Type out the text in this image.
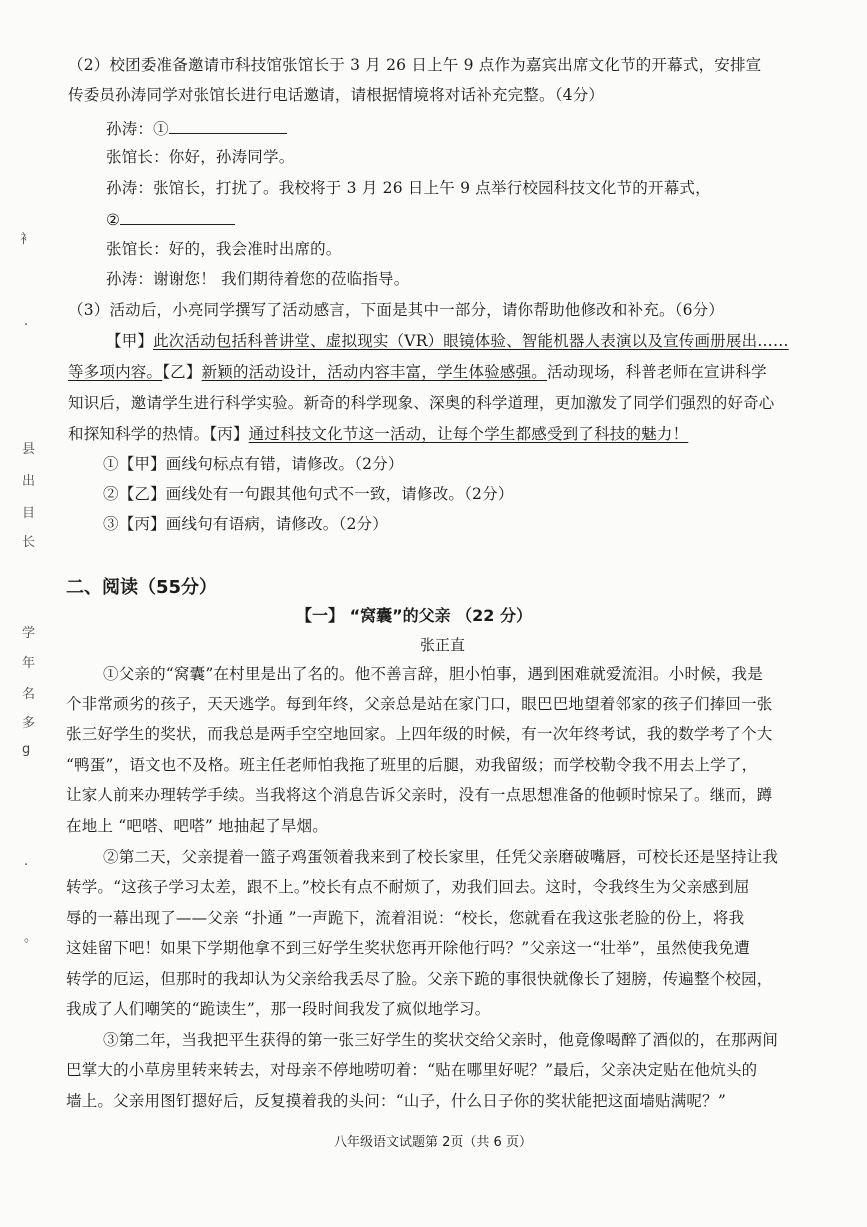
（2）校团委准备邀请市科技馆张馆长于 3 月 26 日上午 9 点作为嘉宾出席文化节的开幕式，安排宣
传委员孙涛同学对张馆长进行电话邀请，请根据情境将对话补充完整。（4分）
孙涛：①
张馆长：你好，孙涛同学。
孙涛：张馆长，打扰了。我校将于 3 月 26 日上午 9 点举行校园科技文化节的开幕式，
②
张馆长：好的，我会准时出席的。
孙涛：谢谢您！ 我们期待着您的莅临指导。
（3）活动后，小亮同学撰写了活动感言，下面是其中一部分，请你帮助他修改和补充。（6分）
【甲】此次活动包括科普讲堂、虚拟现实（VR）眼镜体验、智能机器人表演以及宣传画册展出……
等多项内容。【乙】新颖的活动设计，活动内容丰富，学生体验感强。活动现场，科普老师在宣讲科学
知识后，邀请学生进行科学实验。新奇的科学现象、深奥的科学道理，更加激发了同学们强烈的好奇心
和探知科学的热情。【丙】通过科技文化节这一活动，让每个学生都感受到了科技的魅力！
①【甲】画线句标点有错，请修改。（2分）
②【乙】画线处有一句跟其他句式不一致，请修改。（2分）
③【丙】画线句有语病，请修改。（2分）
二、阅读（55分）
【一】 “窝囊”的父亲 （22 分）
张正直
①父亲的“窝囊”在村里是出了名的。他不善言辞，胆小怕事，遇到困难就爱流泪。小时候，我是
个非常顽劣的孩子，天天逃学。每到年终，父亲总是站在家门口，眼巴巴地望着邻家的孩子们捧回一张
张三好学生的奖状，而我总是两手空空地回家。上四年级的时候，有一次年终考试，我的数学考了个大
“鸭蛋”，语文也不及格。班主任老师怕我拖了班里的后腿，劝我留级；而学校勒令我不用去上学了，
让家人前来办理转学手续。当我将这个消息告诉父亲时，没有一点思想准备的他顿时惊呆了。继而，蹲
在地上 “吧嗒、吧嗒” 地抽起了旱烟。
②第二天，父亲提着一篮子鸡蛋领着我来到了校长家里，任凭父亲磨破嘴唇，可校长还是坚持让我
转学。“这孩子学习太差，跟不上。”校长有点不耐烦了，劝我们回去。这时，令我终生为父亲感到屈
辱的一幕出现了——父亲 “扑通 ”一声跪下，流着泪说：“校长，您就看在我这张老脸的份上，将我
这娃留下吧！如果下学期他拿不到三好学生奖状您再开除他行吗？”父亲这一“壮举”，虽然使我免遭
转学的厄运，但那时的我却认为父亲给我丢尽了脸。父亲下跪的事很快就像长了翅膀，传遍整个校园，
我成了人们嘲笑的“跪读生”，那一段时间我发了疯似地学习。
③第二年，当我把平生获得的第一张三好学生的奖状交给父亲时，他竟像喝醉了酒似的，在那两间
巴掌大的小草房里转来转去，对母亲不停地唠叨着：“贴在哪里好呢？”最后，父亲决定贴在他炕头的
墙上。父亲用图钉摁好后，反复摸着我的头问：“山子，什么日子你的奖状能把这面墙贴满呢？”
八年级语文试题第 2页（共 6 页）
衤
·
县
出
目
长
学
年
名
多
g
·
。
